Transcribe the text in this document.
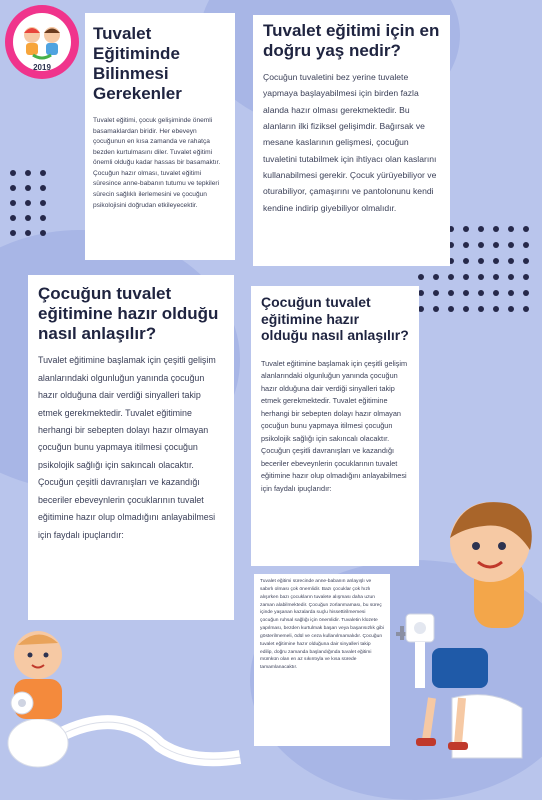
2019
Tuvalet Eğitiminde Bilinmesi Gerekenler

Tuvalet eğitimi, çocuk gelişiminde önemli basamaklardan biridir. Her ebeveyn çocuğunun en kısa zamanda ve rahatça bezden kurtulmasını diler. Tuvalet eğitimi önemli olduğu kadar hassas bir basamaktır. Çocuğun hazır olması, tuvalet eğitimi süresince anne-babanın tutumu ve tepkileri sürecin sağlıklı ilerlemesini ve çocuğun psikolojisini doğrudan etkileyecektir.

Tuvalet eğitimi için en doğru yaş nedir?

Çocuğun tuvaletini bez yerine tuvalete yapmaya başlayabilmesi için birden fazla alanda hazır olması gerekmektedir. Bu alanların ilki fiziksel gelişimdir. Bağırsak ve mesane kaslarının gelişmesi, çocuğun tuvaletini tutabilmek için ihtiyacı olan kaslarını kullanabilmesi gerekir. Çocuk yürüyebiliyor ve oturabiliyor, çamaşırını ve pantolonunu kendi kendine indirip giyebiliyor olmalıdır.

Çocuğun tuvalet eğitimine hazır olduğu nasıl anlaşılır?

Tuvalet eğitimine başlamak için çeşitli gelişim alanlarındaki olgunluğun yanında çocuğun hazır olduğuna dair verdiği sinyalleri takip etmek gerekmektedir. Tuvalet eğitimine herhangi bir sebepten dolayı hazır olmayan çocuğun bunu yapmaya itilmesi çocuğun psikolojik sağlığı için sakıncalı olacaktır. Çocuğun çeşitli davranışları ve kazandığı beceriler ebeveynlerin çocuklarının tuvalet eğitimine hazır olup olmadığını anlayabilmesi için faydalı ipuçlarıdır:

Çocuğun tuvalet eğitimine hazır olduğu nasıl anlaşılır?

Tuvalet eğitimine başlamak için çeşitli gelişim alanlarındaki olgunluğun yanında çocuğun hazır olduğuna dair verdiği sinyalleri takip etmek gerekmektedir. Tuvalet eğitimine herhangi bir sebepten dolayı hazır olmayan çocuğun bunu yapmaya itilmesi çocuğun psikolojik sağlığı için sakıncalı olacaktır. Çocuğun çeşitli davranışları ve kazandığı beceriler ebeveynlerin çocuklarının tuvalet eğitimine hazır olup olmadığını anlayabilmesi için faydalı ipuçlarıdır:

Tuvalet eğitimi sürecinde anne-babanın anlayışlı ve sabırlı olması çok önemlidir. Bazı çocuklar çok hızlı alışırken bazı çocukların tuvalete alışması daha uzun zaman alabilmektedir. Çocuğun zorlanmaması, bu süreç içinde yaşanan kazalarda suçlu hissettirilmemesi çocuğun ruhsal sağlığı için önemlidir. Tuvaletin klozete yapılması, bezden kurtulmak başarı veya başarısızlık gibi gösterilmemeli, ödül ve ceza kullanılmamalıdır. Çocuğun tuvalet eğitimine hazır olduğuna dair sinyalleri takip edilip, doğru zamanda başlandığında tuvalet eğitimi mümkün olan en az sıkıntıyla ve kısa sürede tamamlanacaktır.
